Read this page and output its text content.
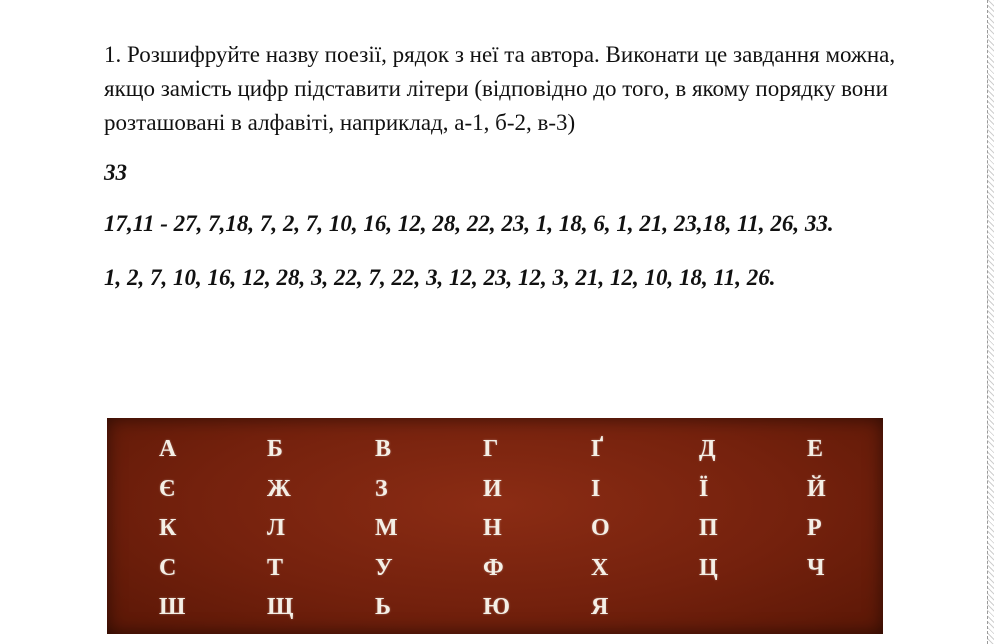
1. Розшифруйте назву поезії, рядок з неї та автора. Виконати це завдання можна, якщо замість цифр підставити літери (відповідно до того, в якому порядку вони розташовані в алфавіті, наприклад, а-1, б-2, в-3)

33

17,11 - 27, 7,18, 7, 2, 7, 10, 16, 12, 28, 22, 23, 1, 18, 6, 1, 21, 23,18, 11, 26, 33.

1, 2, 7, 10, 16, 12, 28, 3, 22, 7, 22, 3, 12, 23, 12, 3, 21, 12, 10, 18, 11, 26.

А	Б	В	Г	Ґ	Д	Е
Є	Ж	З	И	І	Ї	Й
К	Л	М	Н	О	П	Р
С	Т	У	Ф	Х	Ц	Ч
Ш	Щ	Ь	Ю	Я
